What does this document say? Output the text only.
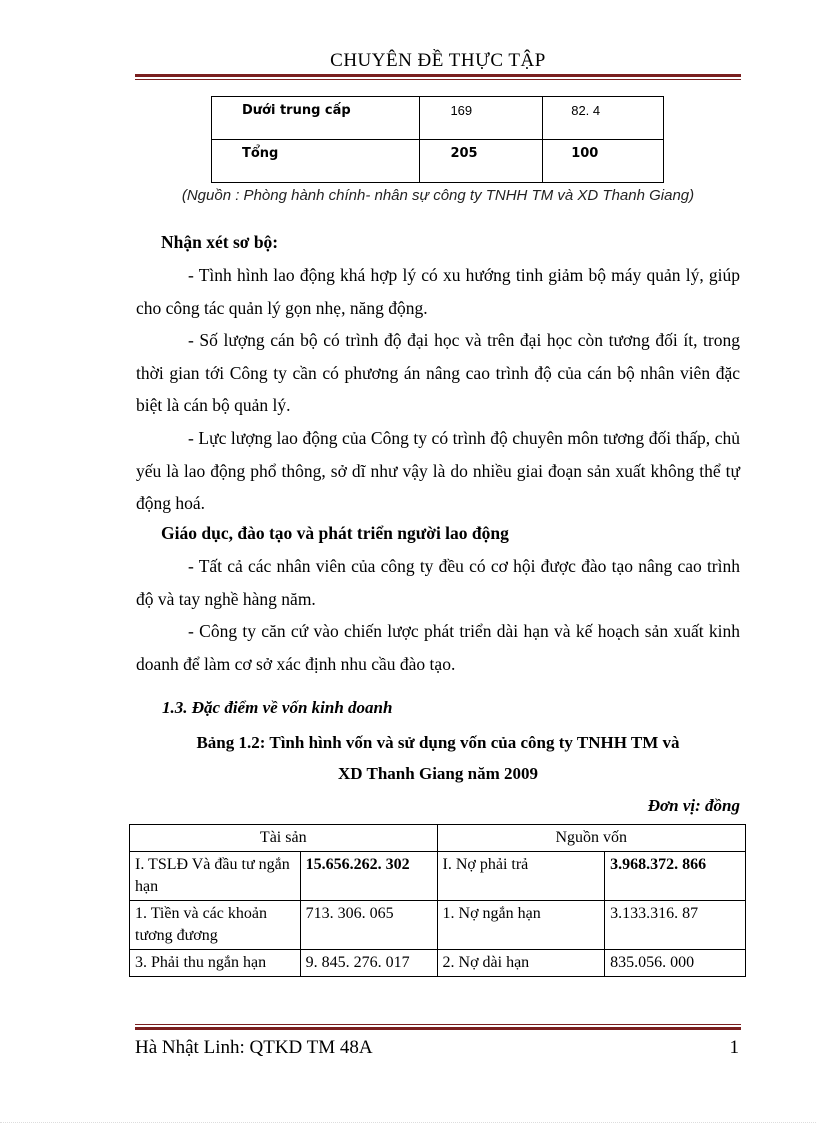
CHUYÊN ĐỀ THỰC TẬP
Dưới trung cấp	169	82. 4
Tổng	205	100
(Nguồn : Phòng hành chính- nhân sự công ty TNHH TM và XD Thanh Giang)
Nhận xét sơ bộ:

- Tình hình lao động khá hợp lý có xu hướng tinh giảm bộ máy quản lý, giúp cho công tác quản lý gọn nhẹ, năng động.

- Số lượng cán bộ có trình độ đại học và trên đại học còn tương đối ít, trong thời gian tới Công ty cần có phương án nâng cao trình độ của cán bộ nhân viên đặc biệt là cán bộ quản lý.

- Lực lượng lao động của Công ty có trình độ chuyên môn tương đối thấp, chủ yếu là lao động phổ thông, sở dĩ như vậy là do nhiều giai đoạn sản xuất không thể tự động hoá.

Giáo dục, đào tạo và phát triển người lao động

- Tất cả các nhân viên của công ty đều có cơ hội được đào tạo nâng cao trình độ và tay nghề hàng năm.

- Công ty căn cứ vào chiến lược phát triển dài hạn và kế hoạch sản xuất kinh doanh để làm cơ sở xác định nhu cầu đào tạo.

1.3. Đặc điểm về vốn kinh doanh
Bảng 1.2: Tình hình vốn và sử dụng vốn của công ty TNHH TM và
XD Thanh Giang năm 2009
Đơn vị: đồng
Tài sản		Nguồn vốn	
I. TSLĐ Và đầu tư ngắn hạn	15.656.262. 302	I. Nợ phải trả	3.968.372. 866
1. Tiền và các khoản tương đương	713. 306. 065	1. Nợ ngắn hạn	3.133.316. 87
3. Phải thu ngắn hạn	9. 845. 276. 017	2. Nợ dài hạn	835.056. 000
Hà Nhật Linh: QTKD TM 48A	1
